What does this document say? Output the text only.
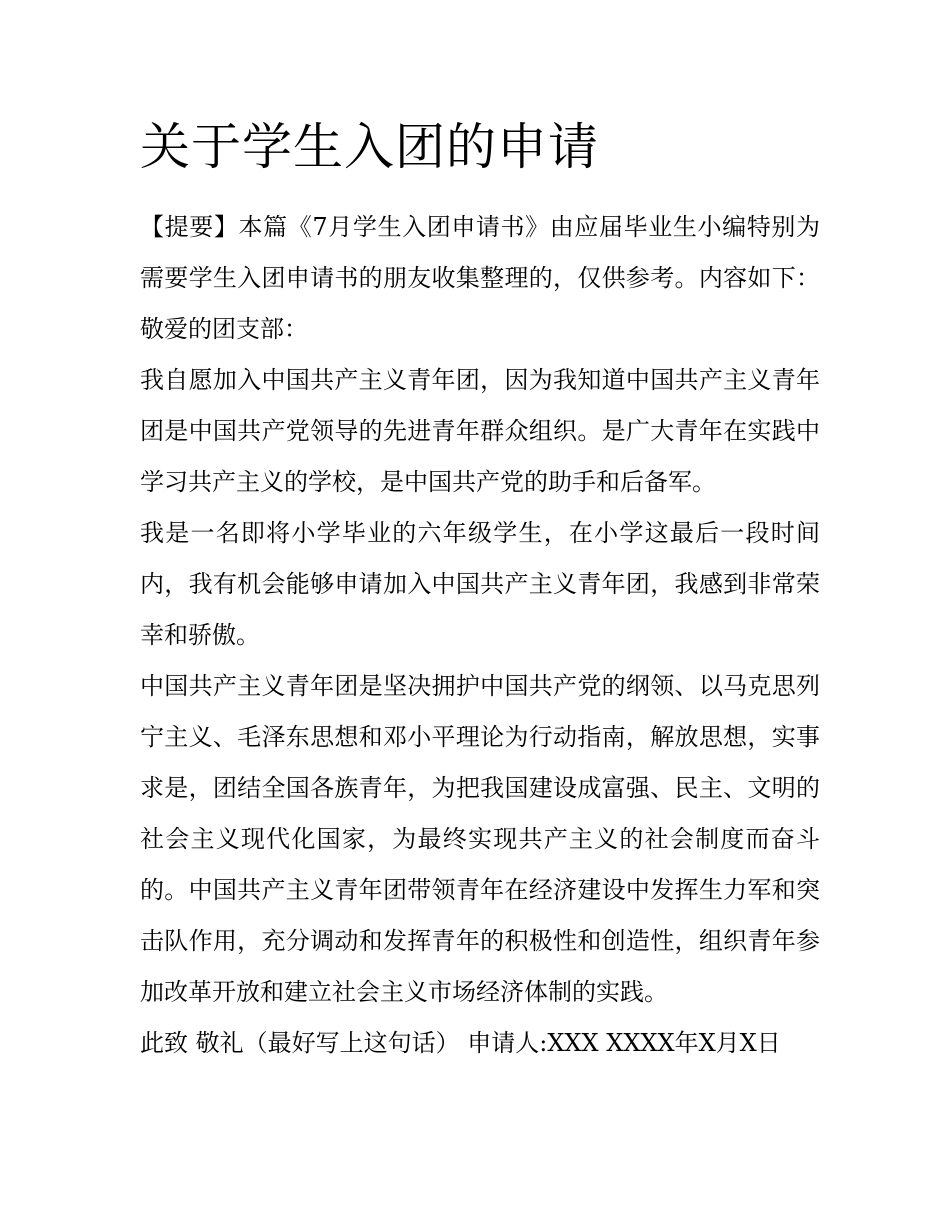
关于学生入团的申请

【提要】本篇《7月学生入团申请书》由应届毕业生小编特别为需要学生入团申请书的朋友收集整理的，仅供参考。内容如下： 敬爱的团支部：

我自愿加入中国共产主义青年团，因为我知道中国共产主义青年团是中国共产党领导的先进青年群众组织。是广大青年在实践中学习共产主义的学校，是中国共产党的助手和后备军。

我是一名即将小学毕业的六年级学生，在小学这最后一段时间内，我有机会能够申请加入中国共产主义青年团，我感到非常荣幸和骄傲。

中国共产主义青年团是坚决拥护中国共产党的纲领、以马克思列宁主义、毛泽东思想和邓小平理论为行动指南，解放思想，实事求是，团结全国各族青年，为把我国建设成富强、民主、文明的社会主义现代化国家，为最终实现共产主义的社会制度而奋斗的。中国共产主义青年团带领青年在经济建设中发挥生力军和突击队作用，充分调动和发挥青年的积极性和创造性，组织青年参加改革开放和建立社会主义市场经济体制的实践。

此致 敬礼（最好写上这句话） 申请人:XXX XXXX年X月X日
